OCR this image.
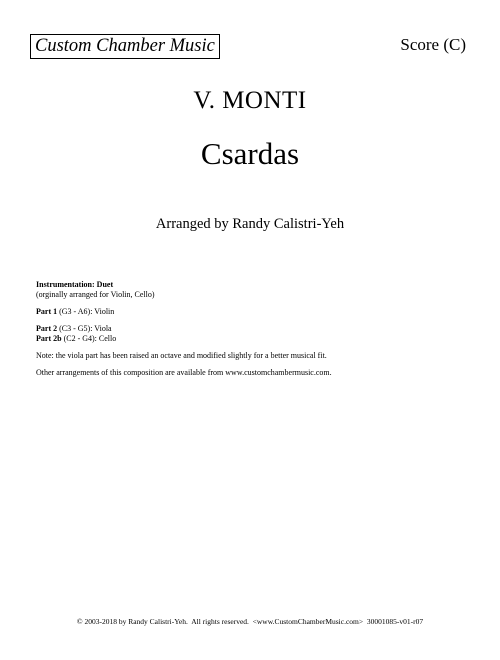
Custom Chamber Music	Score (C)
V. MONTI
Csardas
Arranged by Randy Calistri-Yeh

Instrumentation: Duet

(orginally arranged for Violin, Cello)

Part 1 (G3 - A6): Violin

Part 2 (C3 - G5): Viola

Part 2b (C2 - G4): Cello

Note: the viola part has been raised an octave and modified slightly for a better musical fit.

Other arrangements of this composition are available from www.customchambermusic.com.

© 2003-2018 by Randy Calistri-Yeh.  All rights reserved.  <www.CustomChamberMusic.com>  30001085-v01-r07
